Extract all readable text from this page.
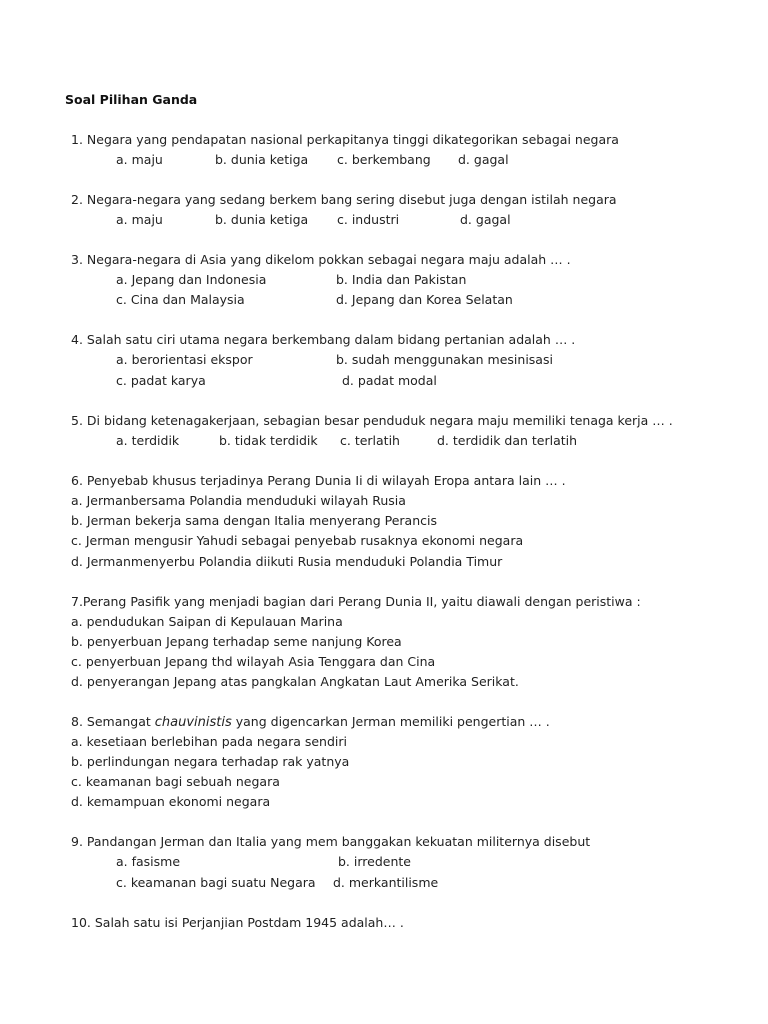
Soal Pilihan Ganda
1. Negara yang pendapatan nasional perkapitanya tinggi dikategorikan sebagai negara
a. maju	b. dunia ketiga c. berkembang d. gagal
2. Negara-negara yang sedang berkem bang sering disebut juga dengan istilah negara
a. maju	b. dunia ketiga c. industri	d. gagal
3. Negara-negara di Asia yang dikelom pokkan sebagai negara maju adalah … .
a. Jepang dan Indonesia	b. India dan Pakistan
c. Cina dan Malaysia	d. Jepang dan Korea Selatan
4. Salah satu ciri utama negara berkembang dalam bidang pertanian adalah … .
a. berorientasi ekspor	b. sudah menggunakan mesinisasi
c. padat karya	d. padat modal
5. Di bidang ketenagakerjaan, sebagian besar penduduk negara maju memiliki tenaga kerja … .
a. terdidik	b. tidak terdidik c. terlatih	d. terdidik dan terlatih
6. Penyebab khusus terjadinya Perang Dunia Ii di wilayah Eropa antara lain … .
a. Jermanbersama Polandia menduduki wilayah Rusia
b. Jerman bekerja sama dengan Italia menyerang Perancis
c. Jerman mengusir Yahudi sebagai penyebab rusaknya ekonomi negara
d. Jermanmenyerbu Polandia diikuti Rusia menduduki Polandia Timur
7.Perang Pasifik yang menjadi bagian dari Perang Dunia II, yaitu diawali dengan peristiwa :
a. pendudukan Saipan di Kepulauan Marina
b. penyerbuan Jepang terhadap seme nanjung Korea
c. penyerbuan Jepang thd wilayah Asia Tenggara dan Cina
d. penyerangan Jepang atas pangkalan Angkatan Laut Amerika Serikat.
8. Semangat chauvinistis yang digencarkan Jerman memiliki pengertian … .
a. kesetiaan berlebihan pada negara sendiri
b. perlindungan negara terhadap rak yatnya
c. keamanan bagi sebuah negara
d. kemampuan ekonomi negara
9. Pandangan Jerman dan Italia yang mem banggakan kekuatan militernya disebut
a. fasisme	b. irredente
c. keamanan bagi suatu Negara d. merkantilisme
10. Salah satu isi Perjanjian Postdam 1945 adalah… .
